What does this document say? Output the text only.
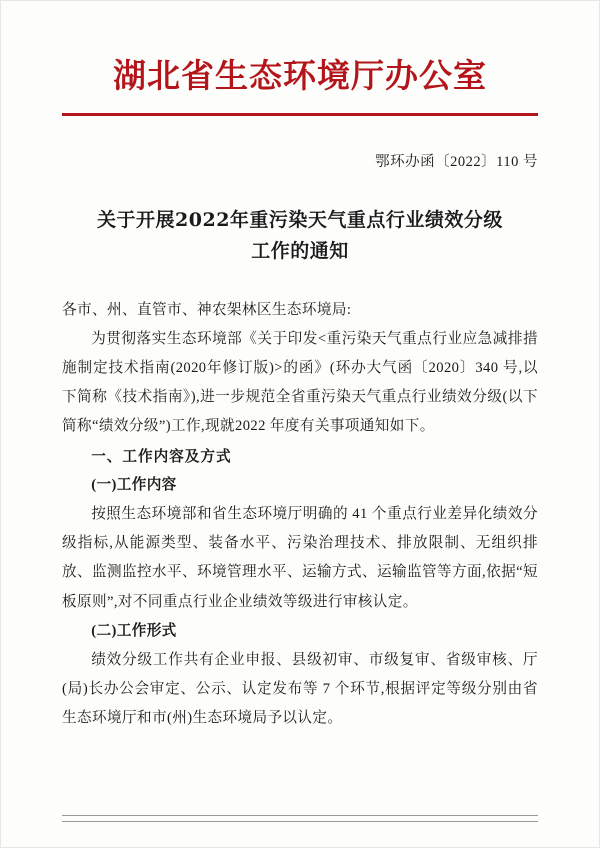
湖北省生态环境厅办公室
鄂环办函〔2022〕110 号
关于开展2022年重污染天气重点行业绩效分级
工作的通知

各市、州、直管市、神农架林区生态环境局:

为贯彻落实生态环境部《关于印发<重污染天气重点行业应急减排措施制定技术指南(2020年修订版)>的函》(环办大气函〔2020〕340 号,以下简称《技术指南》),进一步规范全省重污染天气重点行业绩效分级(以下简称“绩效分级”)工作,现就2022 年度有关事项通知如下。

一、工作内容及方式

(一)工作内容

按照生态环境部和省生态环境厅明确的 41 个重点行业差异化绩效分级指标,从能源类型、装备水平、污染治理技术、排放限制、无组织排放、监测监控水平、环境管理水平、运输方式、运输监管等方面,依据“短板原则”,对不同重点行业企业绩效等级进行审核认定。

(二)工作形式

绩效分级工作共有企业申报、县级初审、市级复审、省级审核、厅(局)长办公会审定、公示、认定发布等 7 个环节,根据评定等级分别由省生态环境厅和市(州)生态环境局予以认定。
